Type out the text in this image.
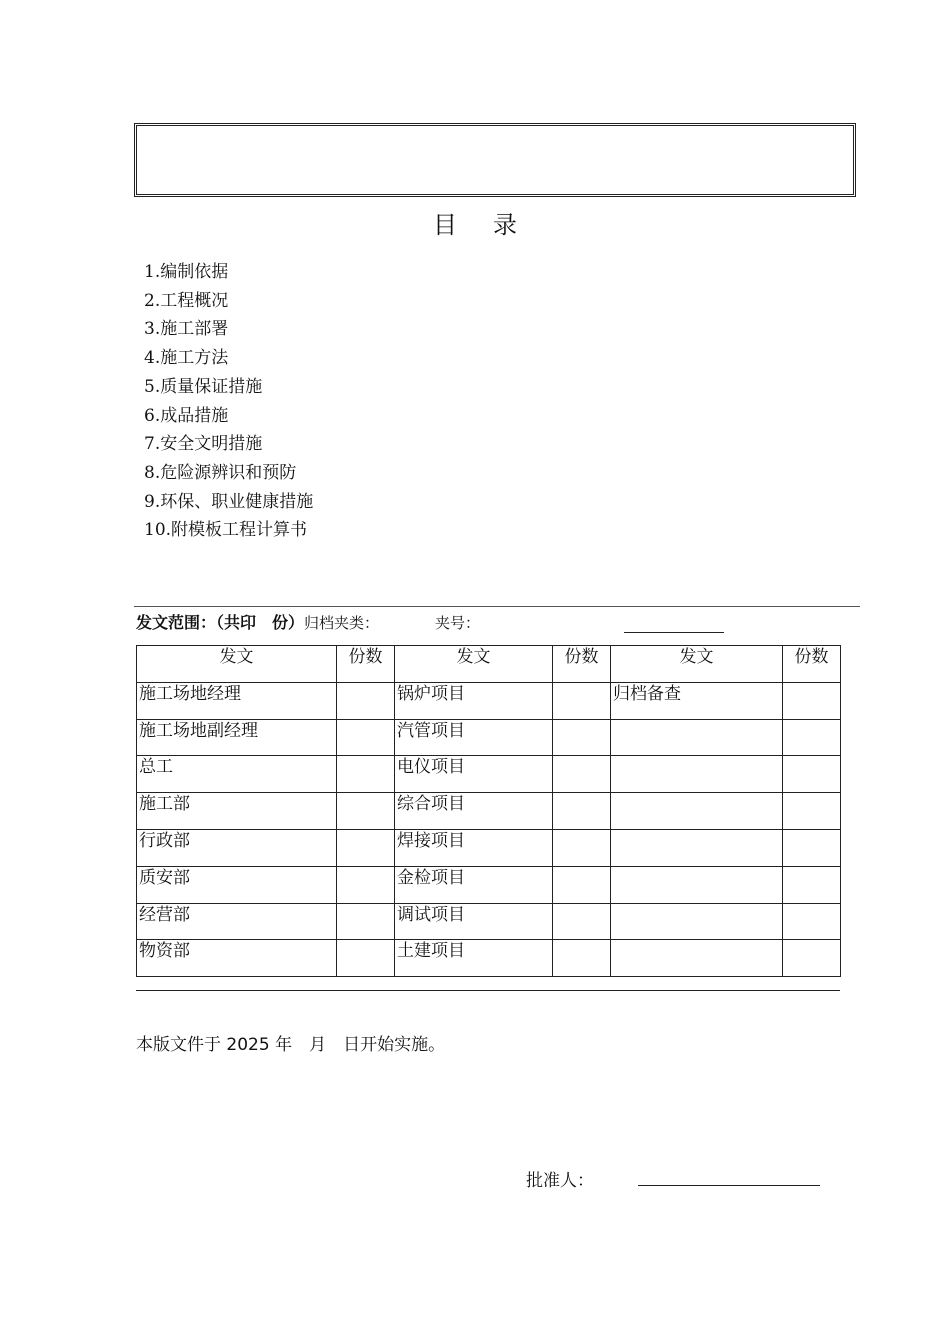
目录
1.编制依据
2.工程概况
3.施工部署
4.施工方法
5.质量保证措施
6.成品措施
7.安全文明措施
8.危险源辨识和预防
9.环保、职业健康措施
10.附模板工程计算书
发文范围：（共印　份）归档夹类：	夹号：
发文	份数	发文	份数	发文	份数
施工场地经理		锅炉项目		归档备查	
施工场地副经理		汽管项目			
总工		电仪项目			
施工部		综合项目			
行政部		焊接项目			
质安部		金检项目			
经营部		调试项目			
物资部		土建项目			
本版文件于 2025 年　月　日开始实施。
批准人：
